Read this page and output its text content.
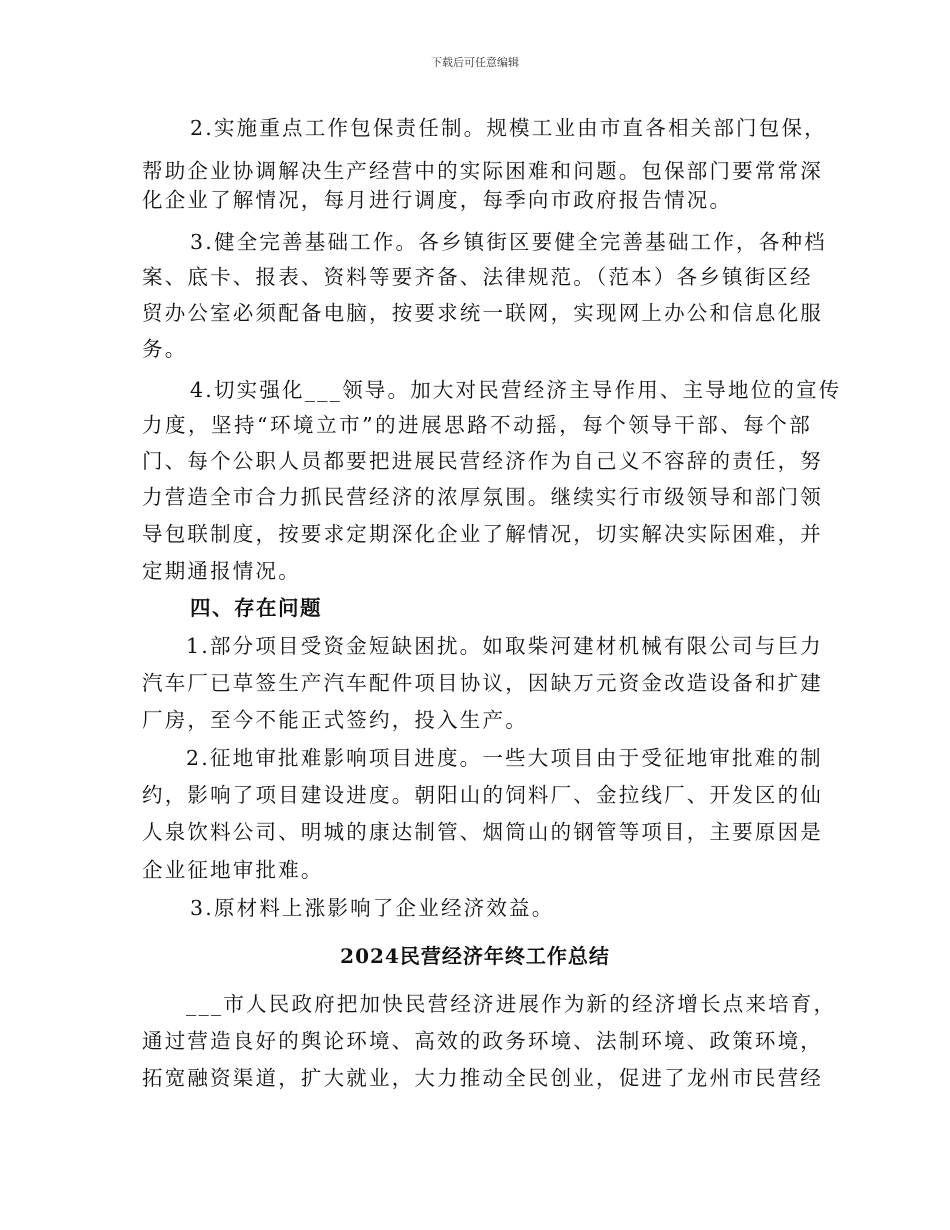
下载后可任意编辑
2.实施重点工作包保责任制。规模工业由市直各相关部门包保，
帮助企业协调解决生产经营中的实际困难和问题。包保部门要常常深
化企业了解情况，每月进行调度，每季向市政府报告情况。
3.健全完善基础工作。各乡镇街区要健全完善基础工作，各种档
案、底卡、报表、资料等要齐备、法律规范。（范本）各乡镇街区经
贸办公室必须配备电脑，按要求统一联网，实现网上办公和信息化服
务。
4.切实强化___领导。加大对民营经济主导作用、主导地位的宣传
力度，坚持“环境立市”的进展思路不动摇，每个领导干部、每个部
门、每个公职人员都要把进展民营经济作为自己义不容辞的责任，努
力营造全市合力抓民营经济的浓厚氛围。继续实行市级领导和部门领
导包联制度，按要求定期深化企业了解情况，切实解决实际困难，并
定期通报情况。
四、存在问题
1.部分项目受资金短缺困扰。如取柴河建材机械有限公司与巨力
汽车厂已草签生产汽车配件项目协议，因缺万元资金改造设备和扩建
厂房，至今不能正式签约，投入生产。
2.征地审批难影响项目进度。一些大项目由于受征地审批难的制
约，影响了项目建设进度。朝阳山的饲料厂、金拉线厂、开发区的仙
人泉饮料公司、明城的康达制管、烟筒山的钢管等项目，主要原因是
企业征地审批难。
3.原材料上涨影响了企业经济效益。
2024民营经济年终工作总结
___市人民政府把加快民营经济进展作为新的经济增长点来培育，
通过营造良好的舆论环境、高效的政务环境、法制环境、政策环境，
拓宽融资渠道，扩大就业，大力推动全民创业，促进了龙州市民营经
